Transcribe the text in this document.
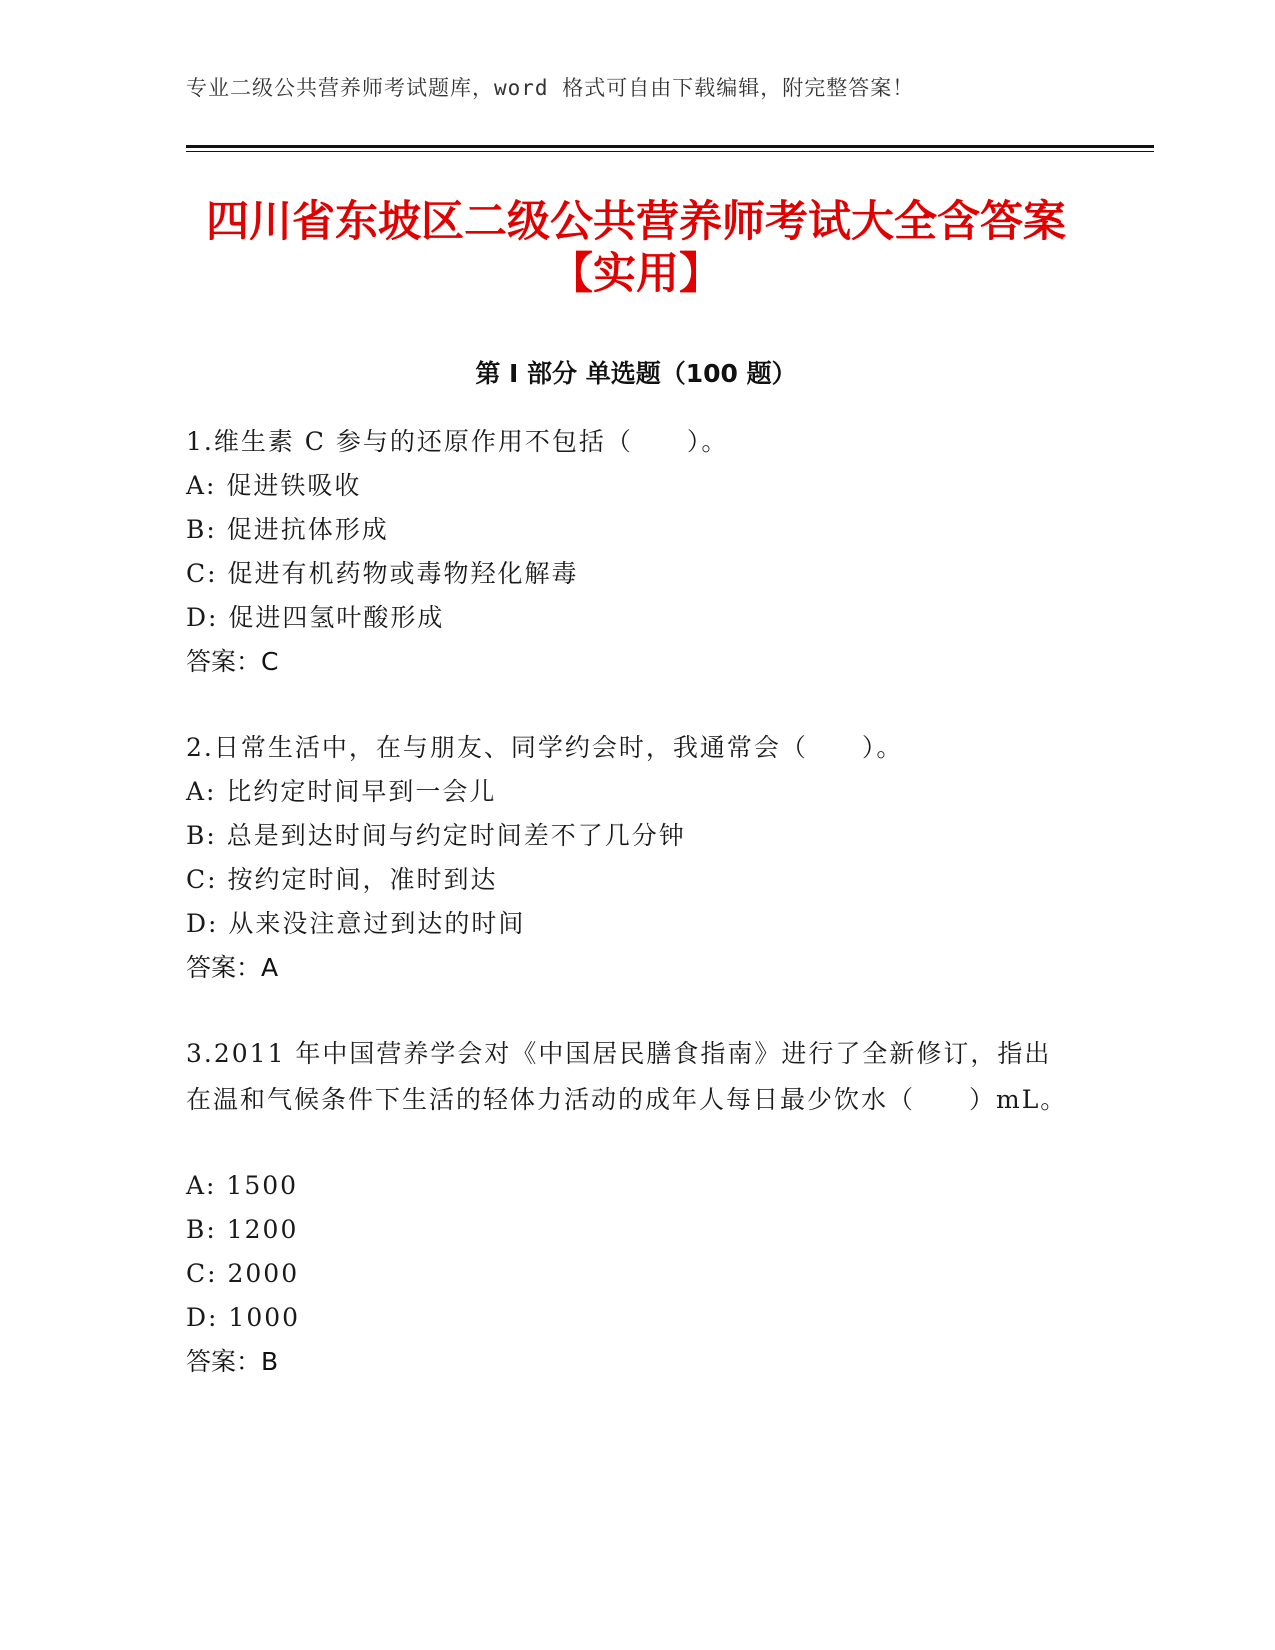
专业二级公共营养师考试题库，word 格式可自由下载编辑，附完整答案！
四川省东坡区二级公共营养师考试大全含答案【实用】
第 I 部分 单选题（100 题）
1.维生素 C 参与的还原作用不包括（　　）。
A: 促进铁吸收
B: 促进抗体形成
C: 促进有机药物或毒物羟化解毒
D: 促进四氢叶酸形成
答案：C
2.日常生活中，在与朋友、同学约会时，我通常会（　　）。
A: 比约定时间早到一会儿
B: 总是到达时间与约定时间差不了几分钟
C: 按约定时间，准时到达
D: 从来没注意过到达的时间
答案：A
3.2011 年中国营养学会对《中国居民膳食指南》进行了全新修订，指出在温和气候条件下生活的轻体力活动的成年人每日最少饮水（　　）mL。
A: 1500
B: 1200
C: 2000
D: 1000
答案：B
